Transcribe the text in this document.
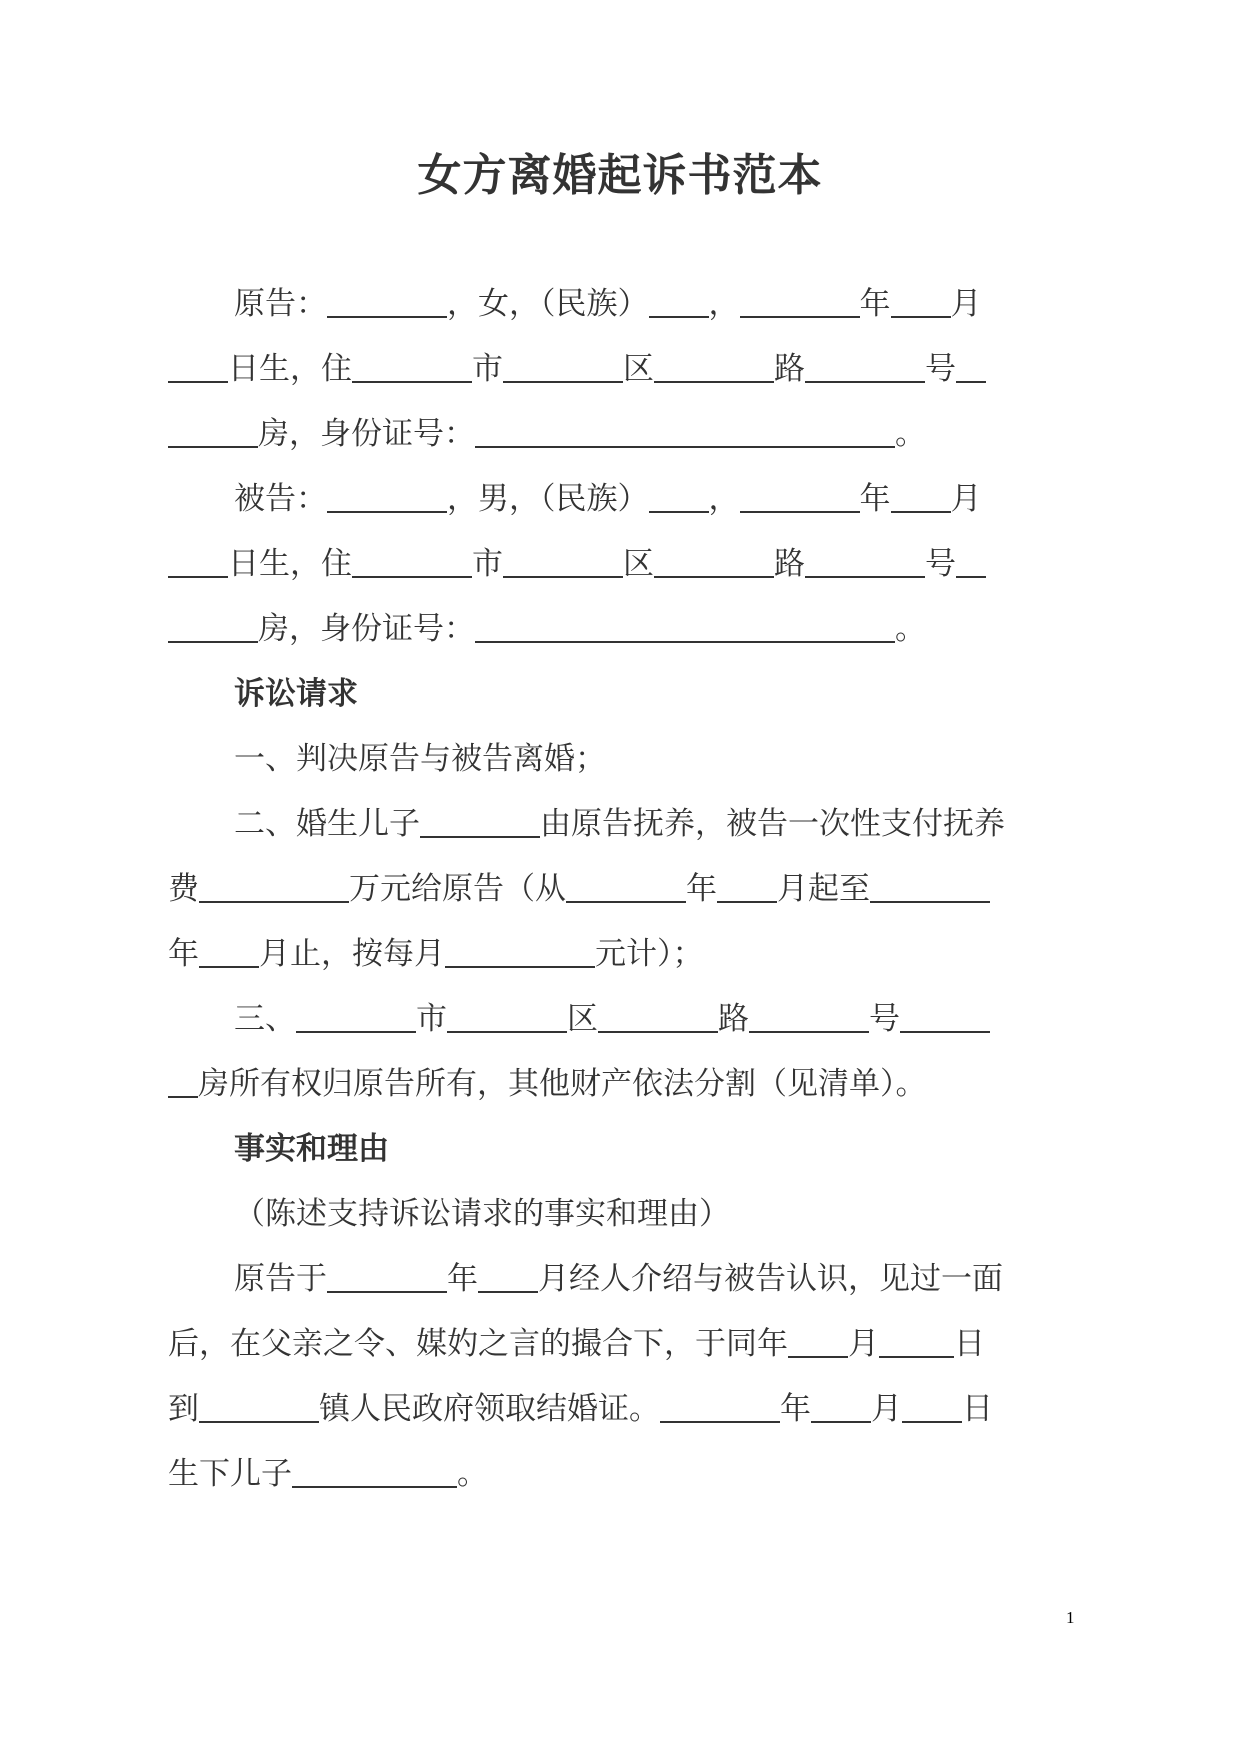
女方离婚起诉书范本
原告：	，女，（民族） ，	年 月
日生，住	市	区	路	号
房，身份证号：	。
被告：	，男，（民族） ，	年 月
日生，住	市	区	路	号
房，身份证号：	。
诉讼请求
一、判决原告与被告离婚；
二、婚生儿子	由原告抚养，被告一次性支付抚养
费	万元给原告（从	年 月起至
年 月止，按每月	元计）；
三、	市	区	路	号
房所有权归原告所有，其他财产依法分割（见清单）。
事实和理由
（陈述支持诉讼请求的事实和理由）
原告于	年 月经人介绍与被告认识，见过一面
后，在父亲之令、媒妁之言的撮合下，于同年 月 日
到	镇人民政府领取结婚证。	年 月 日
生下儿子	。
1
